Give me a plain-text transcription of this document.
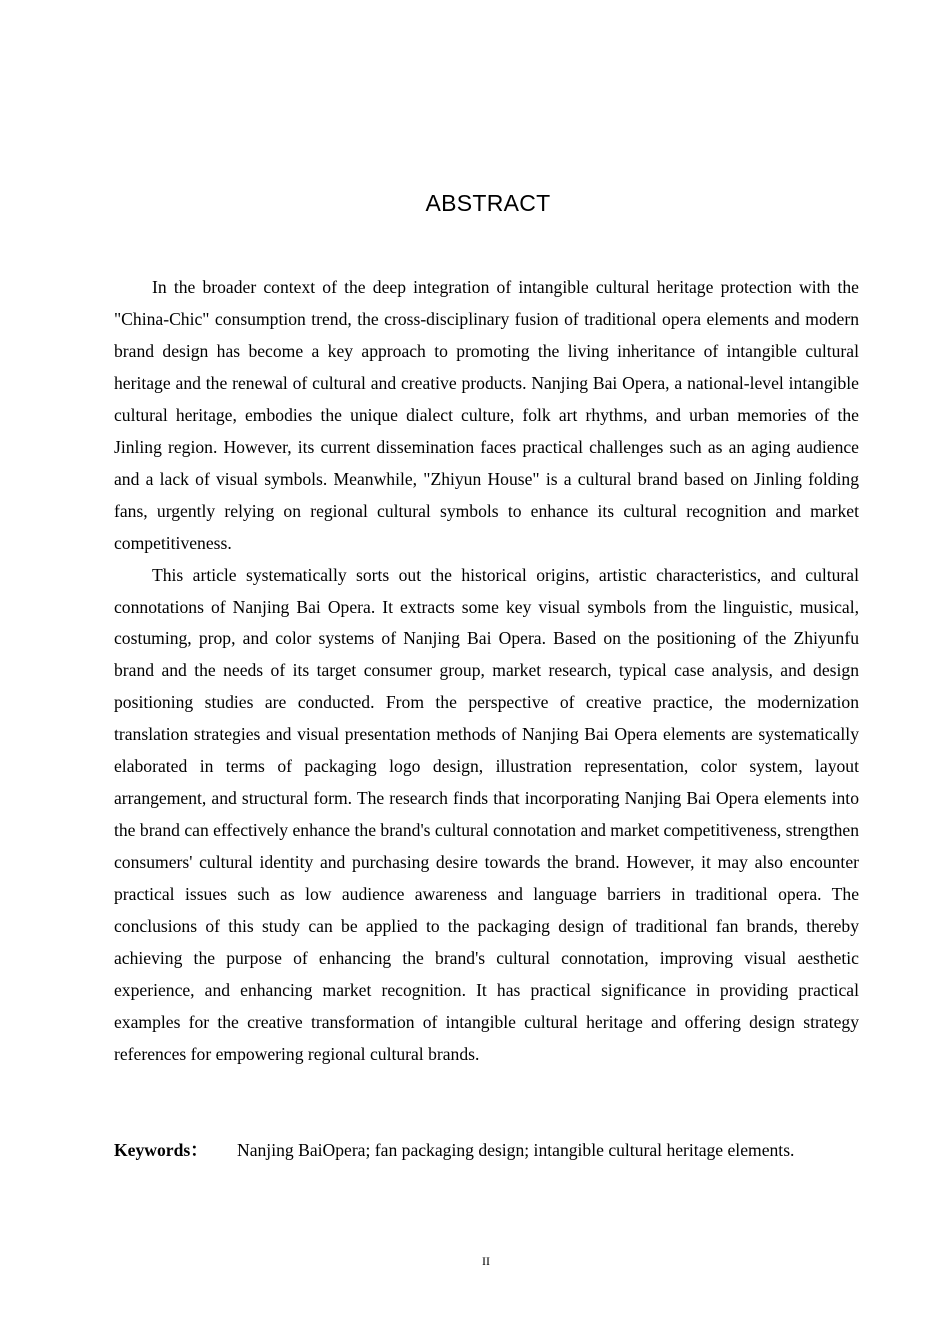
ABSTRACT

In the broader context of the deep integration of intangible cultural heritage protection with the "China-Chic" consumption trend, the cross-disciplinary fusion of traditional opera elements and modern brand design has become a key approach to promoting the living inheritance of intangible cultural heritage and the renewal of cultural and creative products. Nanjing Bai Opera, a national-level intangible cultural heritage, embodies the unique dialect culture, folk art rhythms, and urban memories of the Jinling region. However, its current dissemination faces practical challenges such as an aging audience and a lack of visual symbols. Meanwhile, "Zhiyun House" is a cultural brand based on Jinling folding fans, urgently relying on regional cultural symbols to enhance its cultural recognition and market competitiveness.

This article systematically sorts out the historical origins, artistic characteristics, and cultural connotations of Nanjing Bai Opera. It extracts some key visual symbols from the linguistic, musical, costuming, prop, and color systems of Nanjing Bai Opera. Based on the positioning of the Zhiyunfu brand and the needs of its target consumer group, market research, typical case analysis, and design positioning studies are conducted. From the perspective of creative practice, the modernization translation strategies and visual presentation methods of Nanjing Bai Opera elements are systematically elaborated in terms of packaging logo design, illustration representation, color system, layout arrangement, and structural form. The research finds that incorporating Nanjing Bai Opera elements into the brand can effectively enhance the brand's cultural connotation and market competitiveness, strengthen consumers' cultural identity and purchasing desire towards the brand. However, it may also encounter practical issues such as low audience awareness and language barriers in traditional opera. The conclusions of this study can be applied to the packaging design of traditional fan brands, thereby achieving the purpose of enhancing the brand's cultural connotation, improving visual aesthetic experience, and enhancing market recognition. It has practical significance in providing practical examples for the creative transformation of intangible cultural heritage and offering design strategy references for empowering regional cultural brands.

Keywords： Nanjing BaiOpera; fan packaging design; intangible cultural heritage elements.
II
